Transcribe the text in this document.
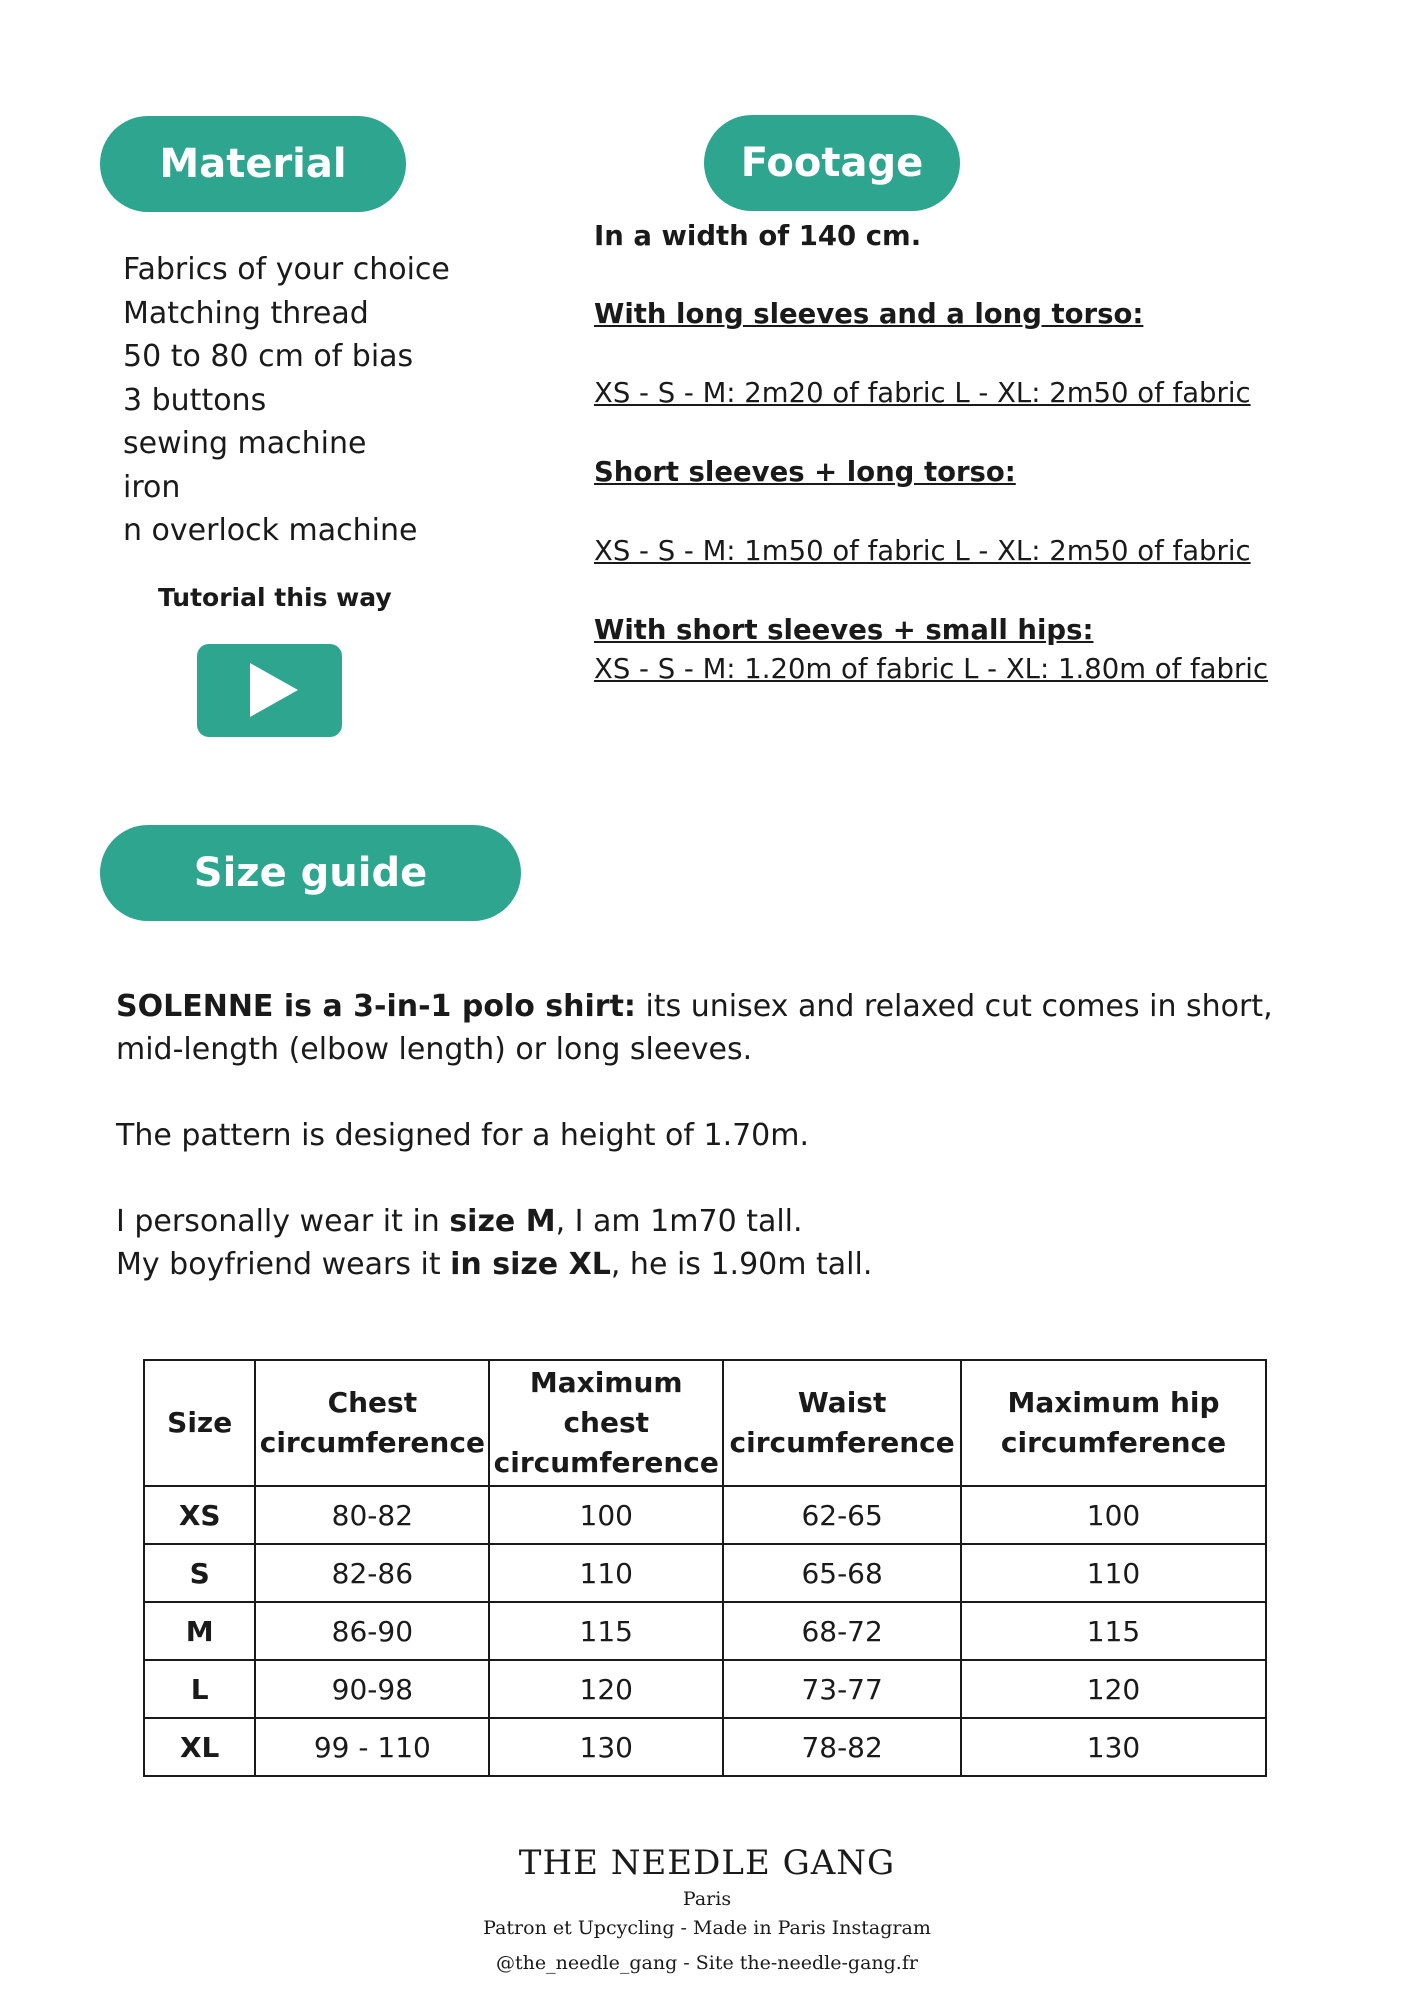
Material
Fabrics of your choice
Matching thread
50 to 80 cm of bias
3 buttons
sewing machine
iron
n overlock machine
Tutorial this way
Footage
In a width of 140 cm.
With long sleeves and a long torso:
XS - S - M: 2m20 of fabric L - XL: 2m50 of fabric
Short sleeves + long torso:
XS - S - M: 1m50 of fabric L - XL: 2m50 of fabric
With short sleeves + small hips:
XS - S - M: 1.20m of fabric L - XL: 1.80m of fabric
Size guide

SOLENNE is a 3-in-1 polo shirt: its unisex and relaxed cut comes in short, mid-length (elbow length) or long sleeves.

The pattern is designed for a height of 1.70m.

I personally wear it in size M, I am 1m70 tall.

My boyfriend wears it in size XL, he is 1.90m tall.

Size	Chest circumference	Maximum chest circumference	Waist circumference	Maximum hip circumference
XS	80-82	100	62-65	100
S	82-86	110	65-68	110
M	86-90	115	68-72	115
L	90-98	120	73-77	120
XL	99 - 110	130	78-82	130
THE NEEDLE GANG
Paris
Patron et Upcycling - Made in Paris Instagram
@the_needle_gang - Site the-needle-gang.fr
